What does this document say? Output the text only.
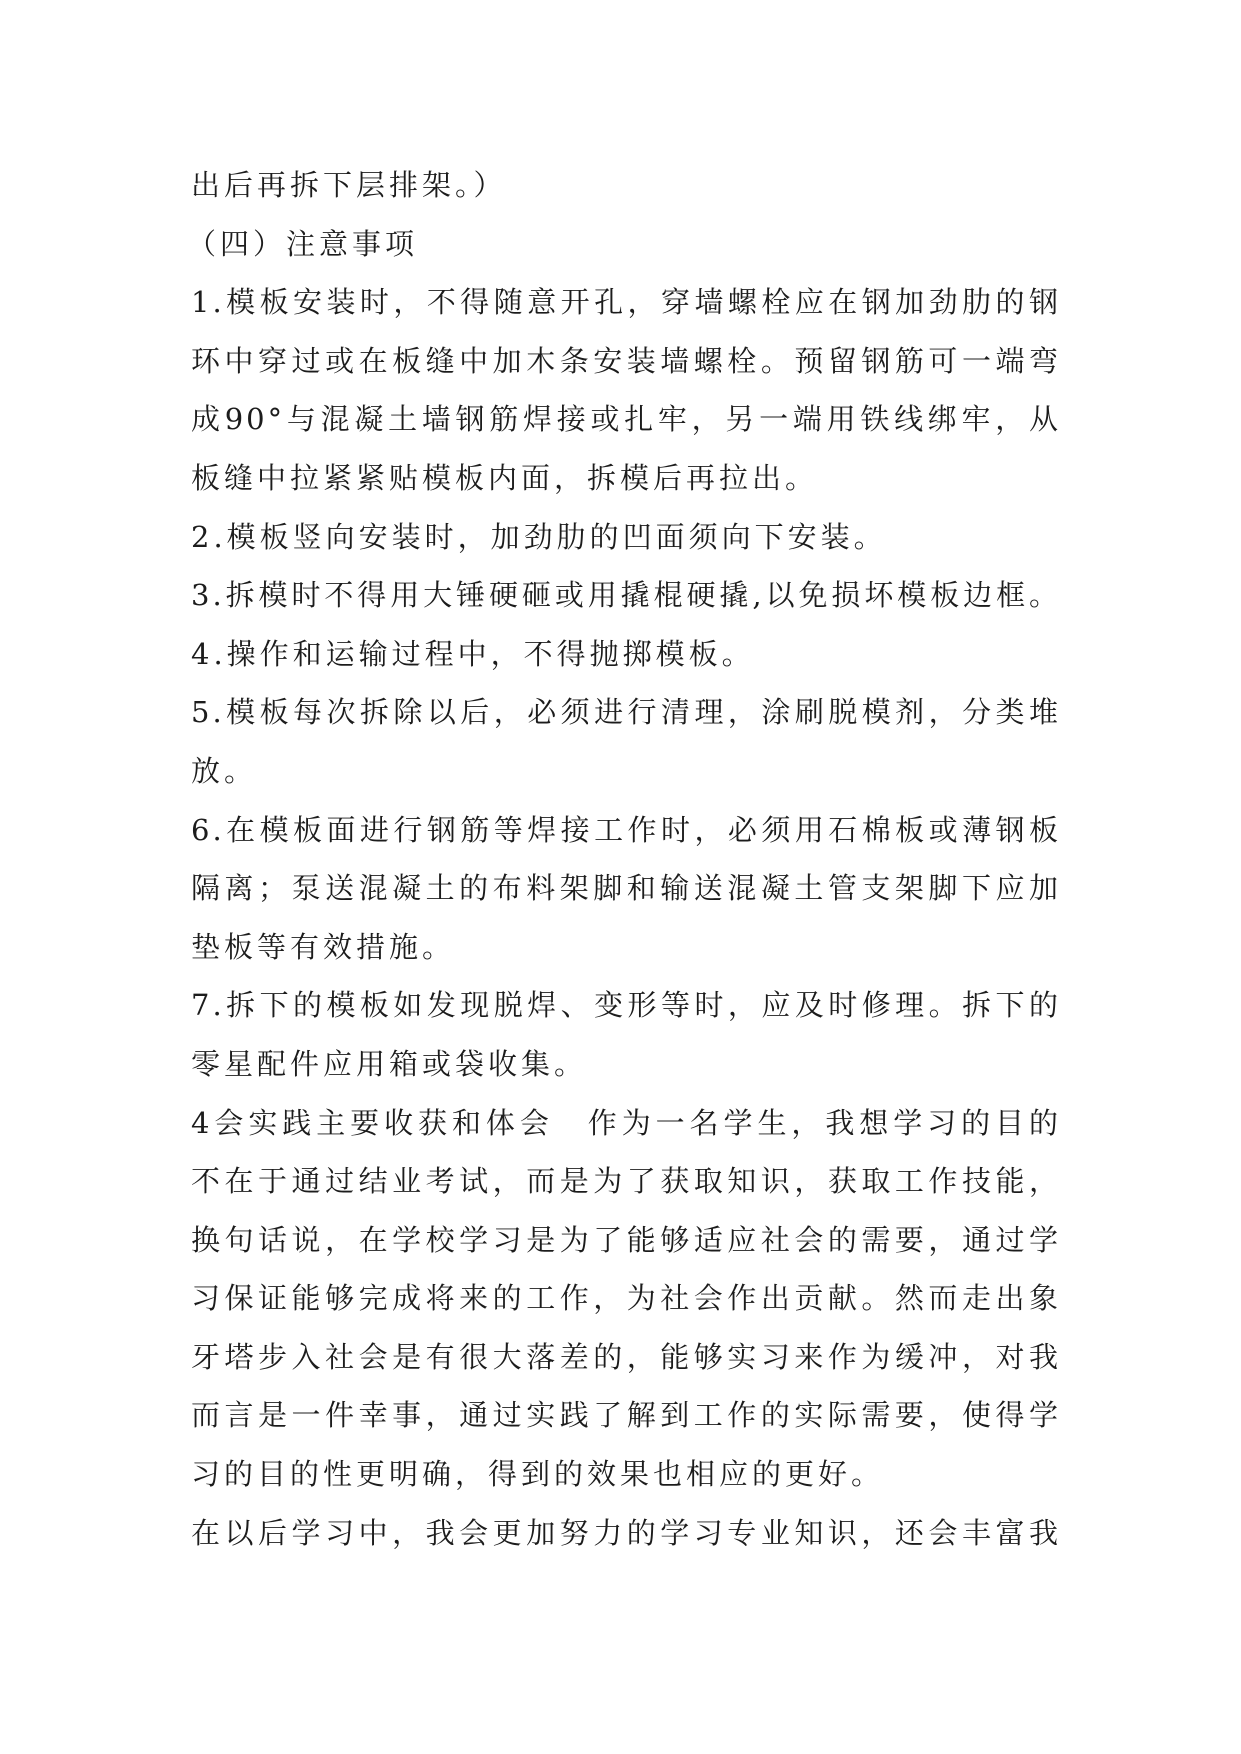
出后再拆下层排架。）
（四）注意事项
1.模板安装时，不得随意开孔，穿墙螺栓应在钢加劲肋的钢
环中穿过或在板缝中加木条安装墙螺栓。预留钢筋可一端弯
成90°与混凝土墙钢筋焊接或扎牢，另一端用铁线绑牢，从
板缝中拉紧紧贴模板内面，拆模后再拉出。
2.模板竖向安装时，加劲肋的凹面须向下安装。
3.拆模时不得用大锤硬砸或用撬棍硬撬,以免损坏模板边框。
4.操作和运输过程中，不得抛掷模板。
5.模板每次拆除以后，必须进行清理，涂刷脱模剂，分类堆
放。
6.在模板面进行钢筋等焊接工作时，必须用石棉板或薄钢板
隔离；泵送混凝土的布料架脚和输送混凝土管支架脚下应加
垫板等有效措施。
7.拆下的模板如发现脱焊、变形等时，应及时修理。拆下的
零星配件应用箱或袋收集。
4会实践主要收获和体会　作为一名学生，我想学习的目的
不在于通过结业考试，而是为了获取知识，获取工作技能，
换句话说，在学校学习是为了能够适应社会的需要，通过学
习保证能够完成将来的工作，为社会作出贡献。然而走出象
牙塔步入社会是有很大落差的，能够实习来作为缓冲，对我
而言是一件幸事，通过实践了解到工作的实际需要，使得学
习的目的性更明确，得到的效果也相应的更好。
在以后学习中，我会更加努力的学习专业知识，还会丰富我
